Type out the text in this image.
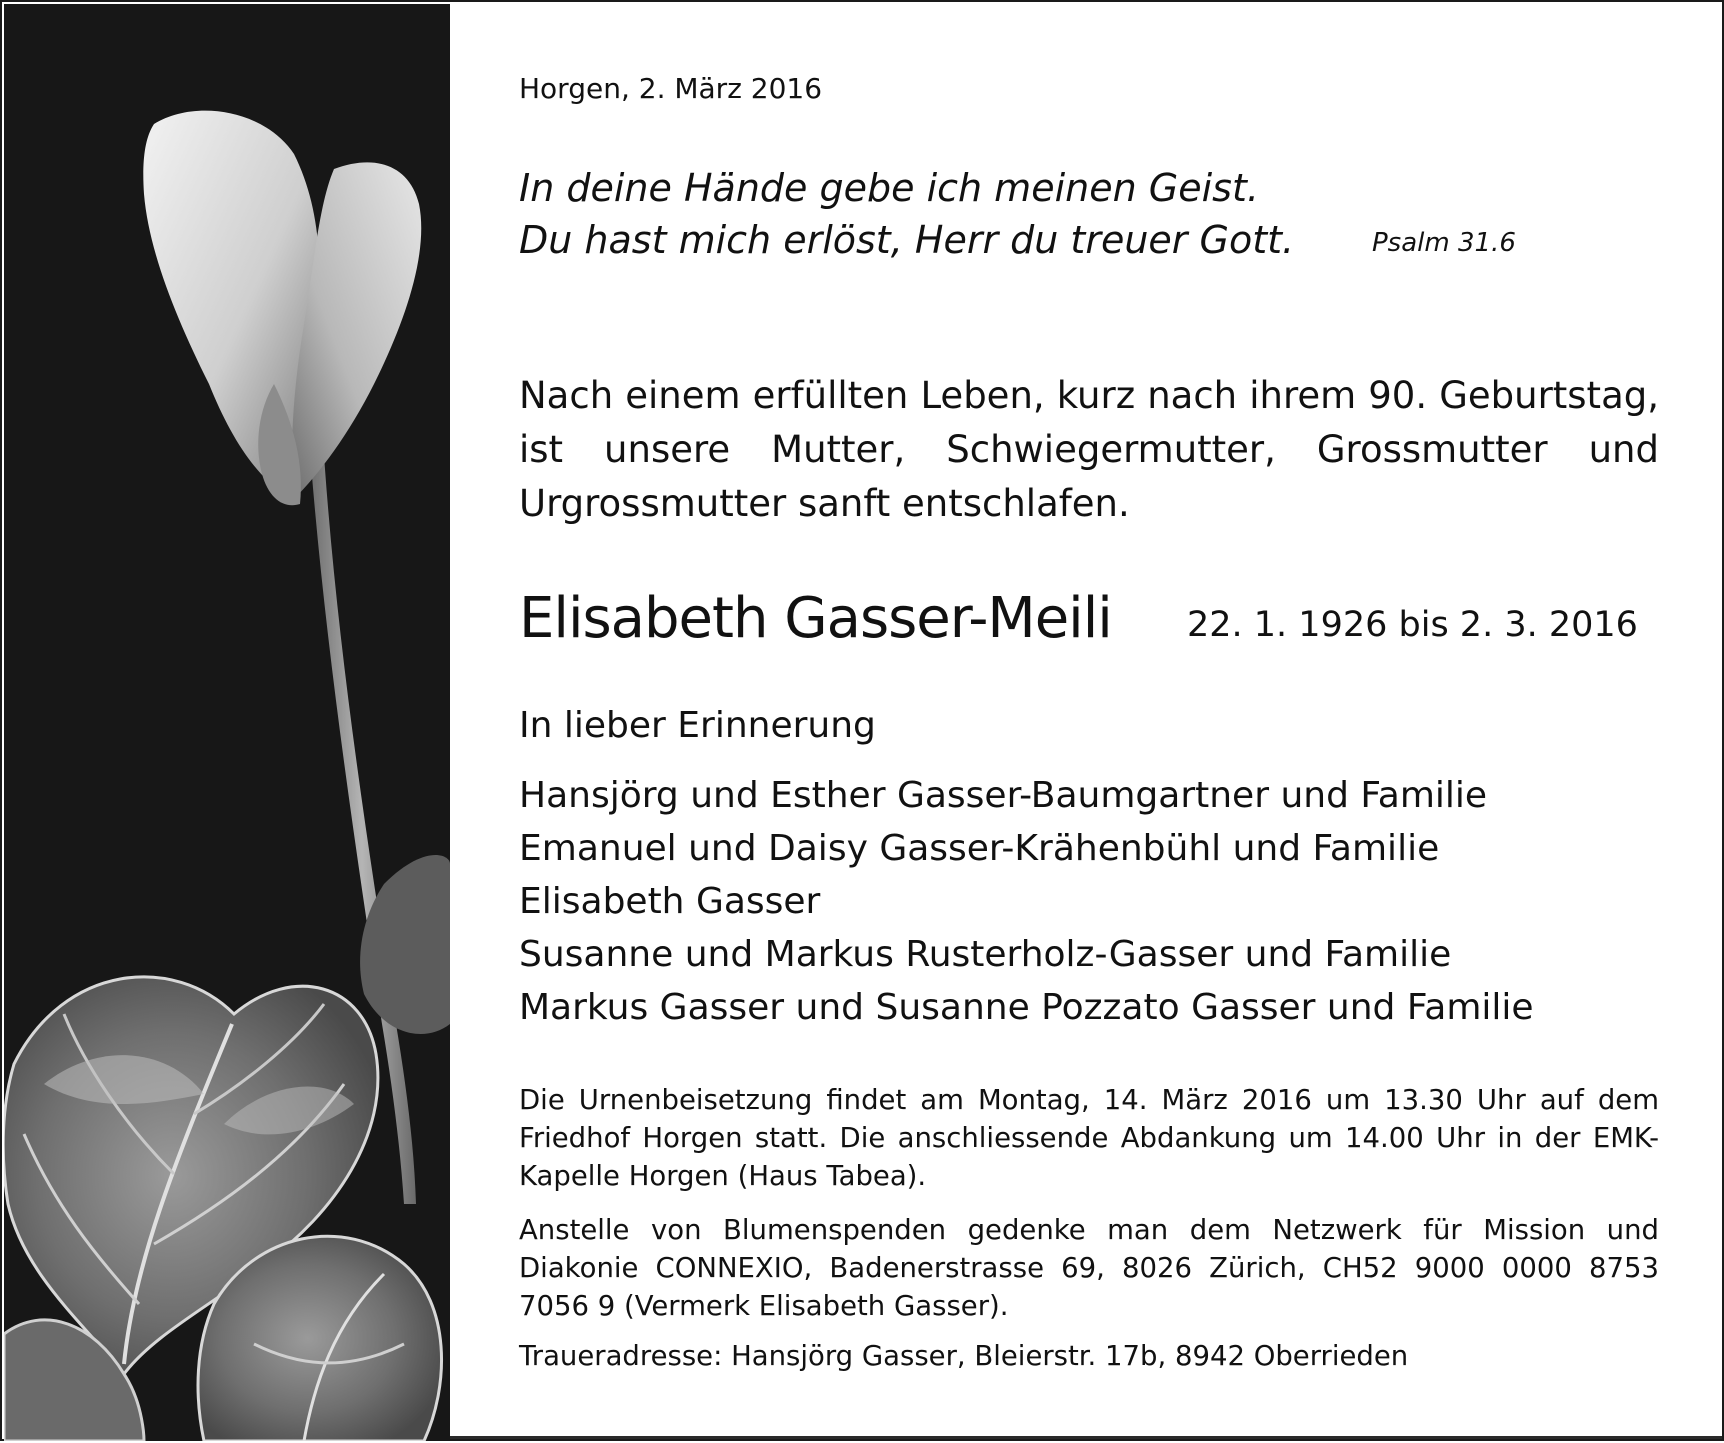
Horgen, 2. März 2016
In deine Hände gebe ich meinen Geist.
Du hast mich erlöst, Herr du treuer Gott.	Psalm 31.6
Nach einem erfüllten Leben, kurz nach ihrem 90. Geburtstag, ist unsere Mutter, Schwiegermutter, Grossmutter und Urgrossmutter sanft entschlafen.
Elisabeth Gasser-Meili 22. 1. 1926 bis 2. 3. 2016
In lieber Erinnerung
Hansjörg und Esther Gasser-Baumgartner und Familie
Emanuel und Daisy Gasser-Krähenbühl und Familie
Elisabeth Gasser
Susanne und Markus Rusterholz-Gasser und Familie
Markus Gasser und Susanne Pozzato Gasser und Familie
Die Urnenbeisetzung findet am Montag, 14. März 2016 um 13.30 Uhr auf dem Friedhof Horgen statt. Die anschliessende Abdankung um 14.00 Uhr in der EMK-Kapelle Horgen (Haus Tabea).
Anstelle von Blumenspenden gedenke man dem Netzwerk für Mission und Diakonie CONNEXIO, Badenerstrasse 69, 8026 Zürich, CH52 9000 0000 8753 7056 9 (Vermerk Elisabeth Gasser).
Traueradresse: Hansjörg Gasser, Bleierstr. 17b, 8942 Oberrieden
